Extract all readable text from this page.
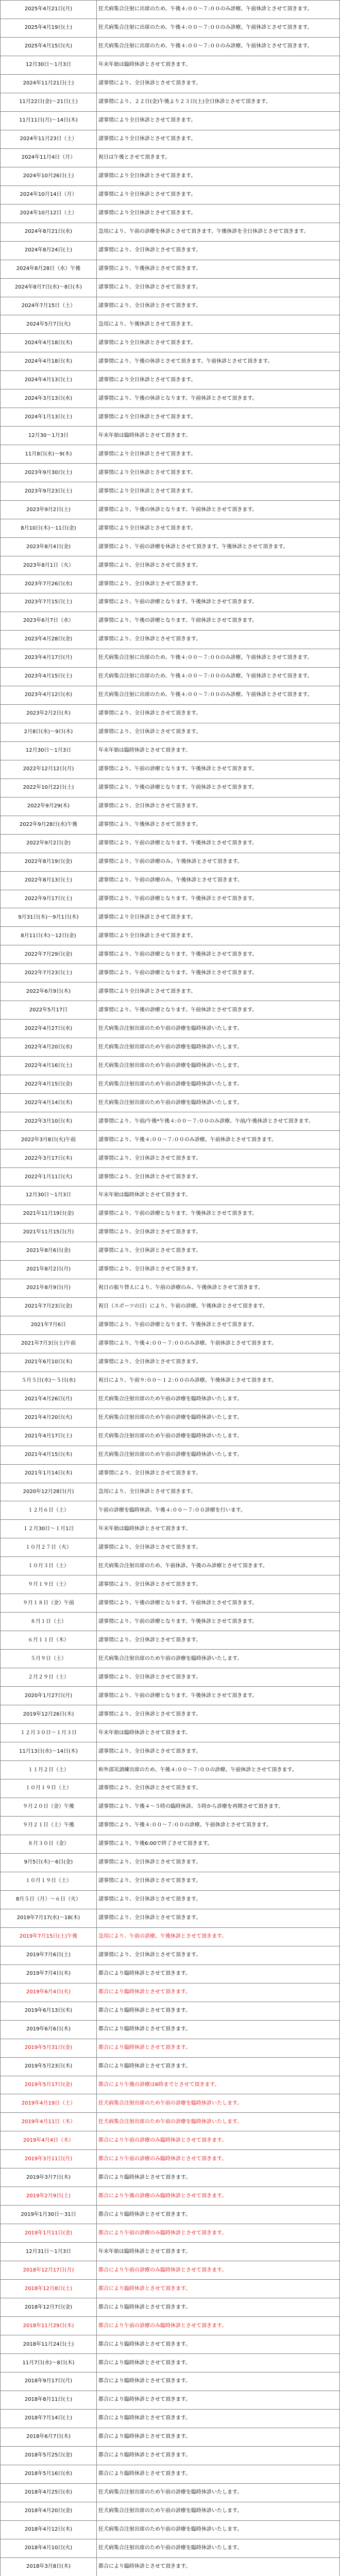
2025年4月21日(月)	狂犬病集合注射に出席のため、午後４:００～７:００のみ診療。午前休診とさせて頂きます。
2025年4月19日(土)	狂犬病集合注射に出席のため、午後４:００～７:００のみ診療。午前休診とさせて頂きます。
2025年4月15日(火)	狂犬病集合注射に出席のため、午後４:００～７:００のみ診療。午前休診とさせて頂きます。
12月30日～1月3日	年末年始は臨時休診とさせて頂きます。
2024年11月21日(土)	諸事情により、全日休診とさせて頂きます。
11月22日(金)～21日(土)	諸事情により、２２日(金)午後より２３日(土)全日休診とさせて頂きます。
11月11日(月)～14日(木)	諸事情により全日休診とさせて頂きます。
2024年11月23日（土）	諸事情により全日休診とさせて頂きます。
2024年11月4日（月）	祝日は午後とさせて頂きます。
2024年10月26日(土)	諸事情により全日休診とさせて頂きます。
2024年10月14日（月）	諸事情により全日休診とさせて頂きます。
2024年10月12日（土）	諸事情により全日休診とさせて頂きます。
2024年8月21日(水)	急用により、午前の診療を休診とさせて頂きます。午後休診を全日休診とさせて頂きます。
2024年8月24日(土)	諸事情により、全日休診とさせて頂きます。
2024年8月28日（水）午後	諸事情により、午後休診とさせて頂きます。
2024年8月7日(水)～8日(木)	諸事情により、全日休診とさせて頂きます。
2024年7月15日（土）	諸事情により、全日休診とさせて頂きます。
2024年5月7日(火)	急用により、午後休診とさせて頂きます。
2024年4月18日(木)	諸事情により全日休診とさせて頂きます。
2024年4月18日(木)	諸事情により、午後の休診とさせて頂きます。午前休診とさせて頂きます。
2024年4月13日(土)	諸事情により全日休診とさせて頂きます。
2024年3月13日(水)	諸事情により、午後の休診となります。午前休診とさせて頂きます。
2024年1月13日(土)	諸事情により全日休診とさせて頂きます。
12月30～1月3日	年末年始は臨時休診とさせて頂きます。
11月8日(水)～9(木)	諸事情により全日休診とさせて頂きます。
2023年9月30日(土)	諸事情により全日休診とさせて頂きます。
2023年9月23日(土)	諸事情により全日休診とさせて頂きます。
2023年9月2日(土)	諸事情により、午後の休診となります。午前休診とさせて頂きます。
8月10日(木)～11日(金)	諸事情により全日休診とさせて頂きます。
2023年8月4日(金)	諸事情により、午前の診療を休診とさせて頂きます。午後休診とさせて頂きます。
2023年8月1日（火）	諸事情により、全日休診とさせて頂きます。
2023年7月26日(水)	諸事情により、全日休診とさせて頂きます。
2023年7月15日(土)	諸事情により、午前の診療となります。午後休診とさせて頂きます。
2023年6月7日（水）	諸事情により、午後の診療となります。午前休診とさせて頂きます。
2023年4月28日(金)	諸事情により、全日休診とさせて頂きます。
2023年4月17日(月)	狂犬病集合注射に出席のため、午後４:００～７:００のみ診療。午前休診とさせて頂きます。
2023年4月15日(土)	狂犬病集合注射に出席のため、午後４:００～７:００のみ診療。午前休診とさせて頂きます。
2023年4月12日(水)	狂犬病集合注射に出席のため、午後４:００～７:００のみ診療。午前休診とさせて頂きます。
2023年2月2日(木)	諸事情により、全日休診とさせて頂きます。
2月8日(水)～9日(木)	諸事情により、全日休診とさせて頂きます。
12月30日～1月3日	年末年始は臨時休診とさせて頂きます。
2022年12月12日(月)	諸事情により、午前の診療となります。午後休診とさせて頂きます。
2022年10月22日(土)	諸事情により、午後の診療となります。午前休診とさせて頂きます。
2022年9月29(木)	諸事情により、全日休診とさせて頂きます。
2022年9月28日(水)午後	諸事情により、午後休診とさせて頂きます。
2022年9月2日(金)	諸事情により、午前の診療となります。午後休診とさせて頂きます。
2022年8月19日(金)	諸事情により、午前の診療のみ。午後休診とさせて頂きます。
2022年8月13日(土)	諸事情により、午前の診療のみ。午後休診とさせて頂きます。
2022年9月17日(土)	諸事情により、午前の診療となります。午後休診とさせて頂きます。
9月31日(木)～9月1日(木)	諸事情により全日休診とさせて頂きます。
8月11日(木)～12日(金)	諸事情により全日休診とさせて頂きます。
2022年7月29日(金)	諸事情により、午前の診療となります。午後休診とさせて頂きます。
2022年7月23日(土)	諸事情により、午前の診療となります。午後休診とさせて頂きます。
2022年6月9日(木)	諸事情により全日休診とさせて頂きます。
2022年5月17日	諸事情により、午後の診療となります。午前休診とさせて頂きます。
2022年4月27日(水)	狂犬病集合注射出席のため午前の診療を臨時休診いたします。
2022年4月20日(水)	狂犬病集合注射出席のため午前の診療を臨時休診いたします。
2022年4月16日(土)	狂犬病集合注射出席のため午前の診療を臨時休診いたします。
2022年4月15日(金)	狂犬病集合注射出席のため午前の診療を臨時休診いたします。
2022年4月14日(木)	狂犬病集合注射出席のため午前の診療を臨時休診いたします。
2022年3月10日(木)	諸事情により、午前/午後*午後４:００～７:００のみ診療。午前/午後休診とさせて頂きます。
2022年3月8日(火)午前	諸事情により、午後４:００～７:００のみ診療。午前休診とさせて頂きます。
2022年3月17日(木)	諸事情により、全日休診とさせて頂きます。
2022年1月11日(火)	諸事情により、全日休診とさせて頂きます。
12月30日～1月3日	年末年始は臨時休診とさせて頂きます。
2021年11月19日(金)	諸事情により、午前の診療となります。午後休診とさせて頂きます。
2021年11月15日(月)	諸事情により、全日休診とさせて頂きます。
2021年8月6日(金)	諸事情により、全日休診とさせて頂きます。
2021年8月2日(月)	諸事情により、全日休診とさせて頂きます。
2021年8月9日(月)	祝日の振り替えにより、午前の診療のみ。午後休診とさせて頂きます。
2021年7月23日(金)	祝日（スポーツの日）により、午前の診療。午後休診とさせて頂きます。
2021年7月6日	諸事情により、午前の診療となります。午後休診とさせて頂きます。
2021年7月3日(土)午前	諸事情により、午後４:００～７:００のみ診療。午前休診とさせて頂きます。
2021年6月10日(木)	諸事情により、全日休診とさせて頂きます。
５月５日(水)～５日(水)	祝日により、午前９:００～１２:００のみ診療。午後休診とさせて頂きます。
2021年4月26日(月)	狂犬病集合注射出席のため午前の診療を臨時休診いたします。
2021年4月20日(火)	狂犬病集合注射出席のため午前の診療を臨時休診いたします。
2021年4月17日(土)	狂犬病集合注射出席のため午前の診療を臨時休診いたします。
2021年4月15日(木)	狂犬病集合注射出席のため午前の診療を臨時休診いたします。
2021年1月14日(木)	諸事情により、全日休診とさせて頂きます。
2020年12月28日(月)	急用により、全日休診とさせて頂きます。
１２月６日（土）	午前の診療を臨時休診。午後４:００～７:００診療を行います。
１２月30日～１月1日	年末年始は臨時休診とさせて頂きます。
１０月２７日（火）	諸事情により、全日休診とさせて頂きます。
１０月３日（土）	狂犬病集合注射出席のため、午前休診。午後のみ診療とさせて頂きます。
９月１９日（土）	諸事情により、全日休診とさせて頂きます。
９月１８日（金）午前	諸事情により、午後の診療となります。午前休診とさせて頂きます。
８月１日（土）	諸事情により、午前の診療となります。午後休診とさせて頂きます。
６月１１日（木）	諸事情により、全日休診とさせて頂きます。
５月９日（土）	狂犬病集合注射出席のため午前の診療を臨時休診いたします。
２月２９日（土）	諸事情により、全日休診とさせて頂きます。
2020年1月27日(月)	諸事情により、午前の診療となります。午後休診とさせて頂きます。
2019年12月26日(木)	諸事情により、全日休診とさせて頂きます。
１２月３０日～１月３日	年末年始は臨時休診とさせて頂きます。
11月13日(水)～14日(木)	諸事情により、全日休診とさせて頂きます。
１１月２日（土）	和外部災訓練出席のため、午後４:００～７:００の診療。午前休診とさせて頂きます。
１０月１９日（土）	諸事情により、全日休診とさせて頂きます。
９月２０日（金）午後	諸事情により、午後４～５時の臨時休診。５時から診療を再開させて頂きます。
９月２１日（土）午後	諸事情により、午後４:００～７:００の診療。午前休診とさせて頂きます。
８月３０日（金）	諸事情により、午後6:00で終了させて頂きます。
9月5日(木)～6日(金)	諸事情により、全日休診とさせて頂きます。
１０月１９日（土）	諸事情により、全日休診とさせて頂きます。
8月５日（月）～６日（火）	諸事情により、全日休診とさせて頂きます。
2019年7月17(水)～18(木)	諸事情により、全日休診とさせて頂きます。
2019年7月15日(土)午後	急用により、午前の診療。午後休診とさせて頂きます。
2019年7月6日(土)	諸事情により、全日休診とさせて頂きます。
2019年7月4日(木)	都合により臨時休診とさせて頂きます。
2019年6月4日(火)	都合により臨時休診とさせて頂きます。
2019年6月13日(木)	都合により臨時休診とさせて頂きます。
2019年6月6日(木)	都合により臨時休診とさせて頂きます。
2019年5月31日(金)	都合により臨時休診とさせて頂きます。
2019年5月23日(木)	都合により臨時休診とさせて頂きます。
2019年5月17日(金)	都合により午後の診療は6時までとさせて頂きます。
2019年4月19日（土）	狂犬病集合注射出席のため午前の診療を臨時休診いたします。
2019年4月11日（木）	狂犬病集合注射出席のため午前の診療を臨時休診いたします。
2019年4月4日（木）	都合により午前の診療のみ臨時休診とさせて頂きます。
2019年3月11日(月)	都合により午前の診療のみ臨時休診とさせて頂きます。
2019年3月7日(木)	都合により臨時休診とさせて頂きます。
2019年2月9日(土)	都合により午後の診療のみ臨時休診とさせて頂きます。
2019年1月30日～31日	都合により臨時休診とさせて頂きます。
2019年1月11日(金)	都合により午前の診療のみ臨時休診とさせて頂きます。
12月31日～1月3日	年末年始は臨時休診とさせて頂きます。
2018年12月17日(月)	都合により午前の診療のみ臨時休診とさせて頂きます。
2018年12月8日(土)	都合により臨時休診とさせて頂きます。
2018年12月7日(金)	都合により臨時休診とさせて頂きます。
2018年11月29日(木)	都合により午前の診療のみ臨時休診とさせて頂きます。
2018年11月24日(土)	都合により臨時休診とさせて頂きます。
11月7日(水)～8日(木)	都合により臨時休診とさせて頂きます。
2018年9月17日(月)	都合により臨時休診とさせて頂きます。
2018年8月11日(土)	都合により臨時休診とさせて頂きます。
2018年7月14日(土)	都合により臨時休診とさせて頂きます。
2018年6月7日(木)	都合により臨時休診とさせて頂きます。
2018年5月25日(金)	都合により臨時休診とさせて頂きます。
2018年5月16日(水)	都合により臨時休診とさせて頂きます。
2018年4月25日(水)	狂犬病集合注射出席のため午前の診療を臨時休診いたします。
2018年4月20日(金)	狂犬病集合注射出席のため午前の診療を臨時休診いたします。
2018年4月12日(木)	狂犬病集合注射出席のため午前の診療を臨時休診いたします。
2018年4月10日(火)	狂犬病集合注射出席のため午前の診療を臨時休診いたします。
2018年3月8日(木)	都合により臨時休診とさせて頂きます。
